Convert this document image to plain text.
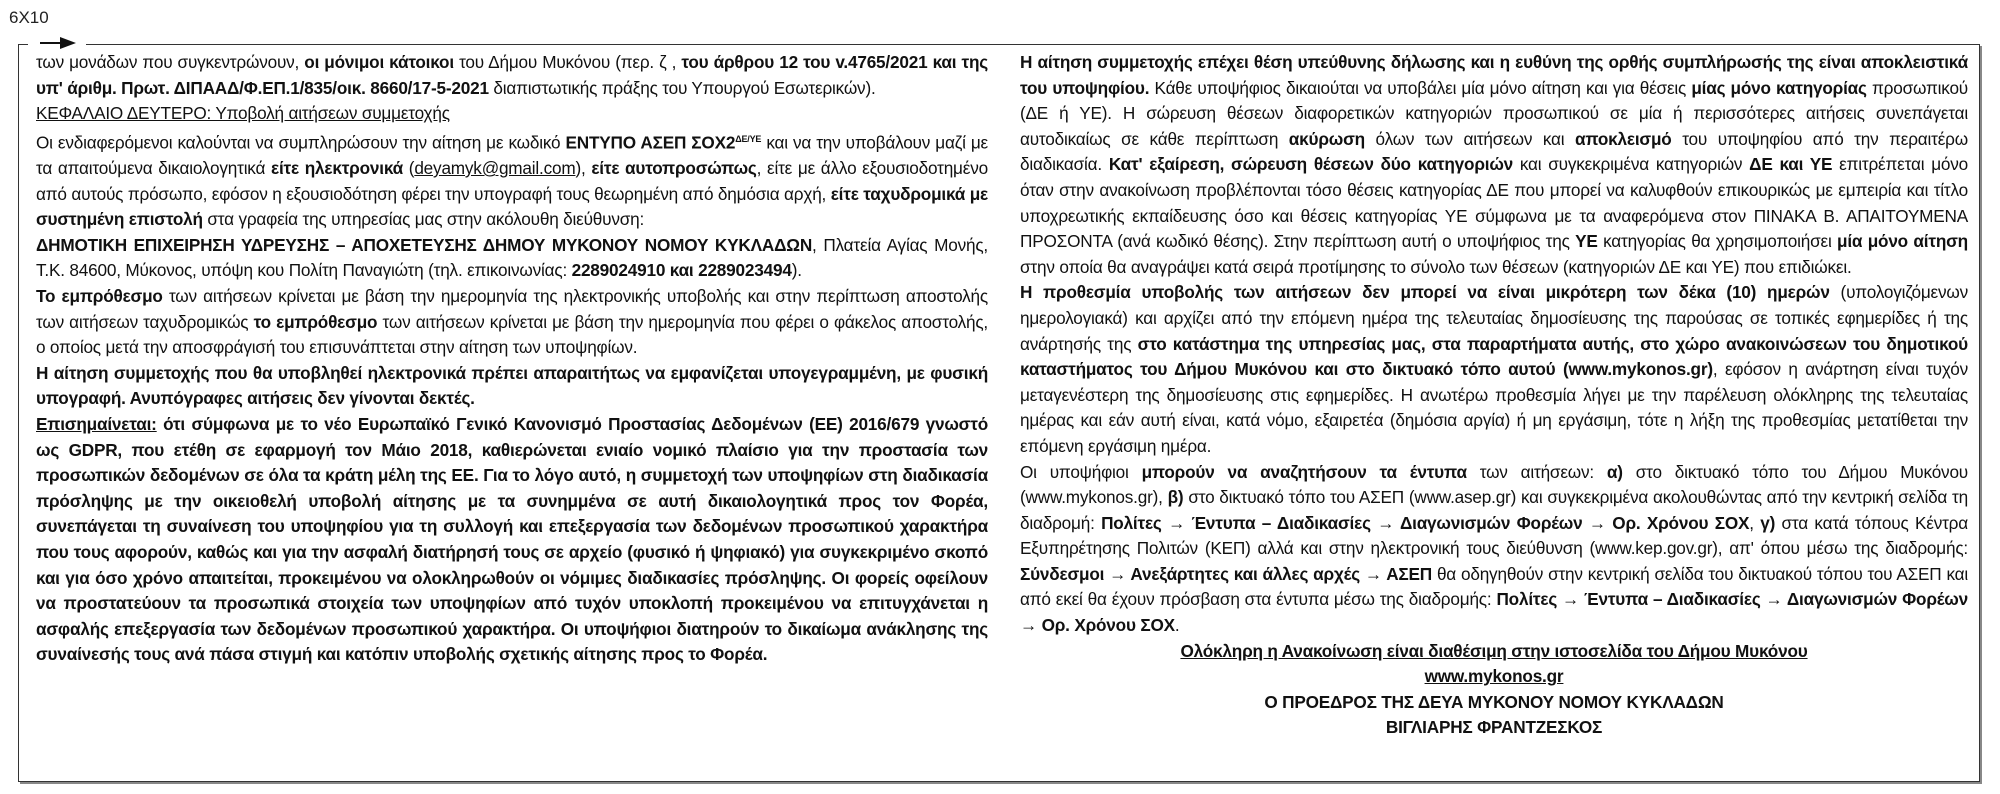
6X10

των μονάδων που συγκεντρώνουν, οι μόνιμοι κάτοικοι του Δήμου Μυκόνου (περ. ζ , του άρθρου 12 του v.4765/2021 και της υπ' άριθμ. Πρωτ. ΔΙΠΑΑΔ/Φ.ΕΠ.1/835/οικ. 8660/17-5-2021 διαπιστωτικής πράξης του Υπουργού Εσωτερικών).

ΚΕΦΑΛΑΙΟ ΔΕΥΤΕΡΟ: Υποβολή αιτήσεων συμμετοχής

Οι ενδιαφερόμενοι καλούνται να συμπληρώσουν την αίτηση με κωδικό ΕΝΤΥΠΟ ΑΣΕΠ $\Sigma OX2^{\Delta E/\Upsilon E}$ και να την υποβάλουν μαζί με τα απαιτούμενα δικαιολογητικά είτε ηλεκτρονικά (deyamyk@gmail.com), είτε αυτοπροσώπως, είτε με άλλο εξουσιοδοτημένο από αυτούς πρόσωπο, εφόσον η εξουσιοδότηση φέρει την υπογραφή τους θεωρημένη από δημόσια αρχή, είτε ταχυδρομικά με συστημένη επιστολή στα γραφεία της υπηρεσίας μας στην ακόλουθη διεύθυνση:

ΔΗΜΟΤΙΚΗ ΕΠΙΧΕΙΡΗΣΗ ΥΔΡΕΥΣΗΣ – ΑΠΟΧΕΤΕΥΣΗΣ ΔΗΜΟΥ ΜΥΚΟΝΟΥ ΝΟΜΟΥ ΚΥΚΛΑΔΩΝ, Πλατεία Αγίας Μονής, Τ.Κ. 84600, Μύκονος, υπόψη κου Πολίτη Παναγιώτη (τηλ. επικοινωνίας: 2289024910 και 2289023494).

Το εμπρόθεσμο των αιτήσεων κρίνεται με βάση την ημερομηνία της ηλεκτρονικής υποβολής και στην περίπτωση αποστολής των αιτήσεων ταχυδρομικώς το εμπρόθεσμο των αιτήσεων κρίνεται με βάση την ημερομηνία που φέρει ο φάκελος αποστολής, ο οποίος μετά την αποσφράγισή του επισυνάπτεται στην αίτηση των υποψηφίων.

Η αίτηση συμμετοχής που θα υποβληθεί ηλεκτρονικά πρέπει απαραιτήτως να εμφανίζεται υπογεγραμμένη, με φυσική υπογραφή. Ανυπόγραφες αιτήσεις δεν γίνονται δεκτές.

Επισημαίνεται: ότι σύμφωνα με το νέο Ευρωπαϊκό Γενικό Κανονισμό Προστασίας Δεδομένων (ΕΕ) 2016/679 γνωστό ως GDPR, που ετέθη σε εφαρμογή τον Μάιο 2018, καθιερώνεται ενιαίο νομικό πλαίσιο για την προστασία των προσωπικών δεδομένων σε όλα τα κράτη μέλη της ΕΕ. Για το λόγο αυτό, η συμμετοχή των υποψηφίων στη διαδικασία πρόσληψης με την οικειοθελή υποβολή αίτησης με τα συνημμένα σε αυτή δικαιολογητικά προς τον Φορέα, συνεπάγεται τη συναίνεση του υποψηφίου για τη συλλογή και επεξεργασία των δεδομένων προσωπικού χαρακτήρα που τους αφορούν, καθώς και για την ασφαλή διατήρησή τους σε αρχείο (φυσικό ή ψηφιακό) για συγκεκριμένο σκοπό και για όσο χρόνο απαιτείται, προκειμένου να ολοκληρωθούν οι νόμιμες διαδικασίες πρόσληψης. Οι φορείς οφείλουν να προστατεύουν τα προσωπικά στοιχεία των υποψηφίων από τυχόν υποκλοπή προκειμένου να επιτυγχάνεται η ασφαλής επεξεργασία των δεδομένων προσωπικού χαρακτήρα. Οι υποψήφιοι διατηρούν το δικαίωμα ανάκλησης της συναίνεσής τους ανά πάσα στιγμή και κατόπιν υποβολής σχετικής αίτησης προς το Φορέα.

Η αίτηση συμμετοχής επέχει θέση υπεύθυνης δήλωσης και η ευθύνη της ορθής συμπλήρωσής της είναι αποκλειστικά του υποψηφίου. Κάθε υποψήφιος δικαιούται να υποβάλει μία μόνο αίτηση και για θέσεις μίας μόνο κατηγορίας προσωπικού (ΔΕ ή ΥΕ). Η σώρευση θέσεων διαφορετικών κατηγοριών προσωπικού σε μία ή περισσότερες αιτήσεις συνεπάγεται αυτοδικαίως σε κάθε περίπτωση ακύρωση όλων των αιτήσεων και αποκλεισμό του υποψηφίου από την περαιτέρω διαδικασία. Κατ' εξαίρεση, σώρευση θέσεων δύο κατηγοριών και συγκεκριμένα κατηγοριών ΔΕ και ΥΕ επιτρέπεται μόνο όταν στην ανακοίνωση προβλέπονται τόσο θέσεις κατηγορίας ΔΕ που μπορεί να καλυφθούν επικουρικώς με εμπειρία και τίτλο υποχρεωτικής εκπαίδευσης όσο και θέσεις κατηγορίας ΥΕ σύμφωνα με τα αναφερόμενα στον ΠΙΝΑΚΑ Β. ΑΠΑΙΤΟΥΜΕΝΑ ΠΡΟΣΟΝΤΑ (ανά κωδικό θέσης). Στην περίπτωση αυτή ο υποψήφιος της ΥΕ κατηγορίας θα χρησιμοποιήσει μία μόνο αίτηση στην οποία θα αναγράψει κατά σειρά προτίμησης το σύνολο των θέσεων (κατηγοριών ΔΕ και ΥΕ) που επιδιώκει.

Η προθεσμία υποβολής των αιτήσεων δεν μπορεί να είναι μικρότερη των δέκα (10) ημερών (υπολογιζόμενων ημερολογιακά) και αρχίζει από την επόμενη ημέρα της τελευταίας δημοσίευσης της παρούσας σε τοπικές εφημερίδες ή της ανάρτησής της στο κατάστημα της υπηρεσίας μας, στα παραρτήματα αυτής, στο χώρο ανακοινώσεων του δημοτικού καταστήματος του Δήμου Μυκόνου και στο δικτυακό τόπο αυτού (www.mykonos.gr), εφόσον η ανάρτηση είναι τυχόν μεταγενέστερη της δημοσίευσης στις εφημερίδες. Η ανωτέρω προθεσμία λήγει με την παρέλευση ολόκληρης της τελευταίας ημέρας και εάν αυτή είναι, κατά νόμο, εξαιρετέα (δημόσια αργία) ή μη εργάσιμη, τότε η λήξη της προθεσμίας μετατίθεται την επόμενη εργάσιμη ημέρα.

Οι υποψήφιοι μπορούν να αναζητήσουν τα έντυπα των αιτήσεων: α) στο δικτυακό τόπο του Δήμου Μυκόνου (www.mykonos.gr), β) στο δικτυακό τόπο του ΑΣΕΠ (www.asep.gr) και συγκεκριμένα ακολουθώντας από την κεντρική σελίδα τη διαδρομή: Πολίτες → Έντυπα – Διαδικασίες → Διαγωνισμών Φορέων → Ορ. Χρόνου ΣΟΧ, γ) στα κατά τόπους Κέντρα Εξυπηρέτησης Πολιτών (ΚΕΠ) αλλά και στην ηλεκτρονική τους διεύθυνση (www.kep.gov.gr), απ' όπου μέσω της διαδρομής: Σύνδεσμοι → Ανεξάρτητες και άλλες αρχές → ΑΣΕΠ θα οδηγηθούν στην κεντρική σελίδα του δικτυακού τόπου του ΑΣΕΠ και από εκεί θα έχουν πρόσβαση στα έντυπα μέσω της διαδρομής: Πολίτες → Έντυπα – Διαδικασίες → Διαγωνισμών Φορέων → Ορ. Χρόνου ΣΟΧ.

Ολόκληρη η Ανακοίνωση είναι διαθέσιμη στην ιστοσελίδα του Δήμου Μυκόνου

www.mykonos.gr

Ο ΠΡΟΕΔΡΟΣ ΤΗΣ ΔΕΥΑ ΜΥΚΟΝΟΥ ΝΟΜΟΥ ΚΥΚΛΑΔΩΝ

ΒΙΓΛΙΑΡΗΣ ΦΡΑΝΤΖΕΣΚΟΣ
